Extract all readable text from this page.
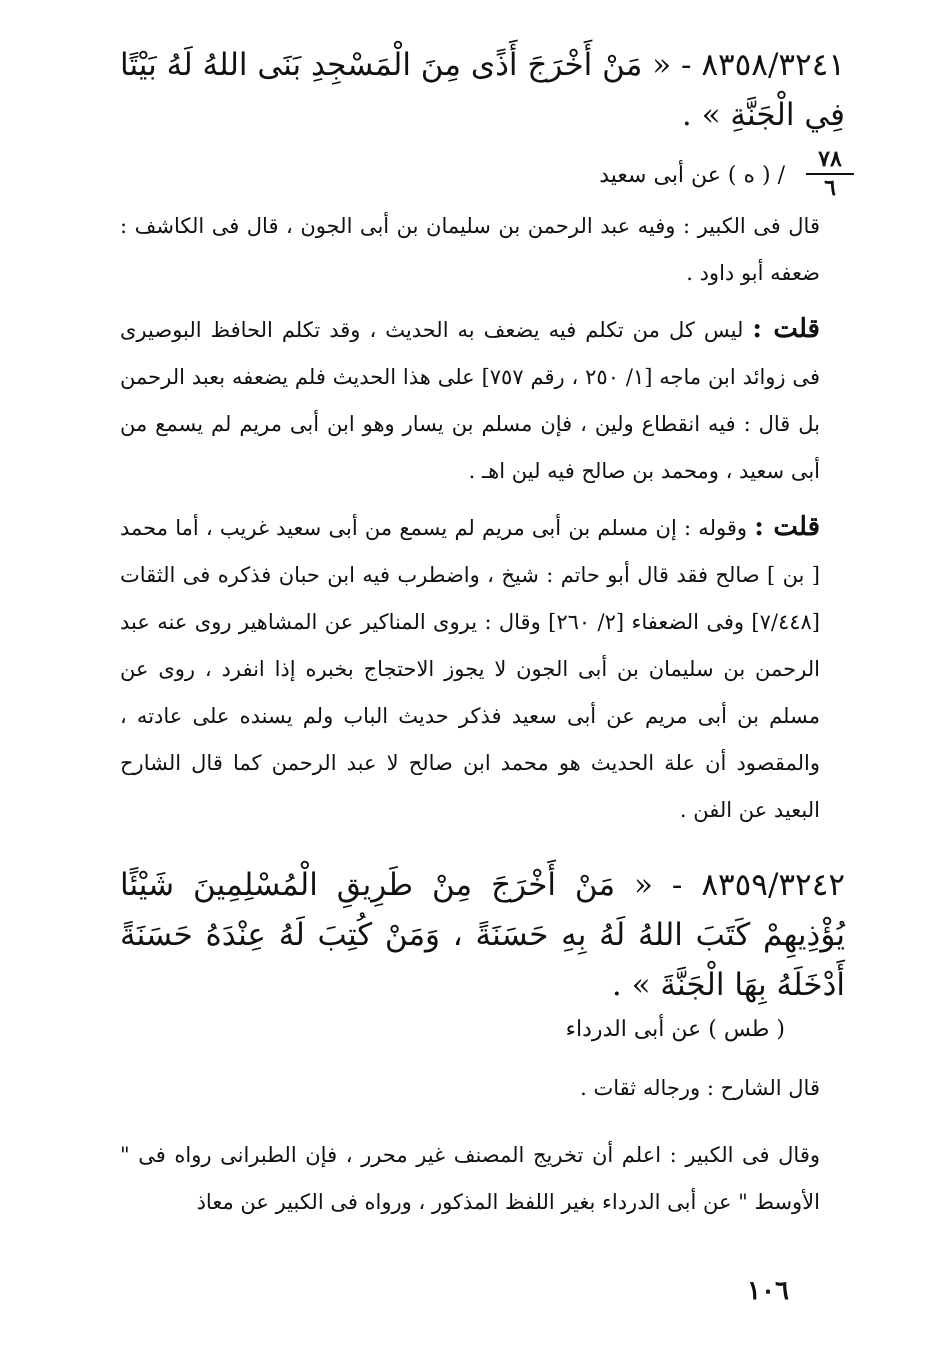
٨٣٥٨/٣٢٤١ - « مَنْ أَخْرَجَ أَذًى مِنَ الْمَسْجِدِ بَنَى اللهُ لَهُ بَيْتًا فِي الْجَنَّةِ » .
٧٨
٦
/ ( ه ) عن أبى سعيد
قال فى الكبير : وفيه عبد الرحمن بن سليمان بن أبى الجون ، قال فى الكاشف : ضعفه أبو داود .
قلت : ليس كل من تكلم فيه يضعف به الحديث ، وقد تكلم الحافظ البوصيرى فى زوائد ابن ماجه [١/ ٢٥٠ ، رقم ٧٥٧] على هذا الحديث فلم يضعفه بعبد الرحمن بل قال : فيه انقطاع ولين ، فإن مسلم بن يسار وهو ابن أبى مريم لم يسمع من أبى سعيد ، ومحمد بن صالح فيه لين اهـ .
قلت : وقوله : إن مسلم بن أبى مريم لم يسمع من أبى سعيد غريب ، أما محمد [ بن ] صالح فقد قال أبو حاتم : شيخ ، واضطرب فيه ابن حبان فذكره فى الثقات [٧/٤٤٨] وفى الضعفاء [٢/ ٢٦٠] وقال : يروى المناكير عن المشاهير روى عنه عبد الرحمن بن سليمان بن أبى الجون لا يجوز الاحتجاج بخبره إذا انفرد ، روى عن مسلم بن أبى مريم عن أبى سعيد فذكر حديث الباب ولم يسنده على عادته ، والمقصود أن علة الحديث هو محمد ابن صالح لا عبد الرحمن كما قال الشارح البعيد عن الفن .
٨٣٥٩/٣٢٤٢ - « مَنْ أَخْرَجَ مِنْ طَرِيقِ الْمُسْلِمِينَ شَيْئًا يُؤْذِيهِمْ كَتَبَ اللهُ لَهُ بِهِ حَسَنَةً ، وَمَنْ كُتِبَ لَهُ عِنْدَهُ حَسَنَةً أَدْخَلَهُ بِهَا الْجَنَّةَ » .
( طس ) عن أبى الدرداء
قال الشارح : ورجاله ثقات .
وقال فى الكبير : اعلم أن تخريج المصنف غير محرر ، فإن الطبرانى رواه فى " الأوسط " عن أبى الدرداء بغير اللفظ المذكور ، ورواه فى الكبير عن معاذ
١٠٦
